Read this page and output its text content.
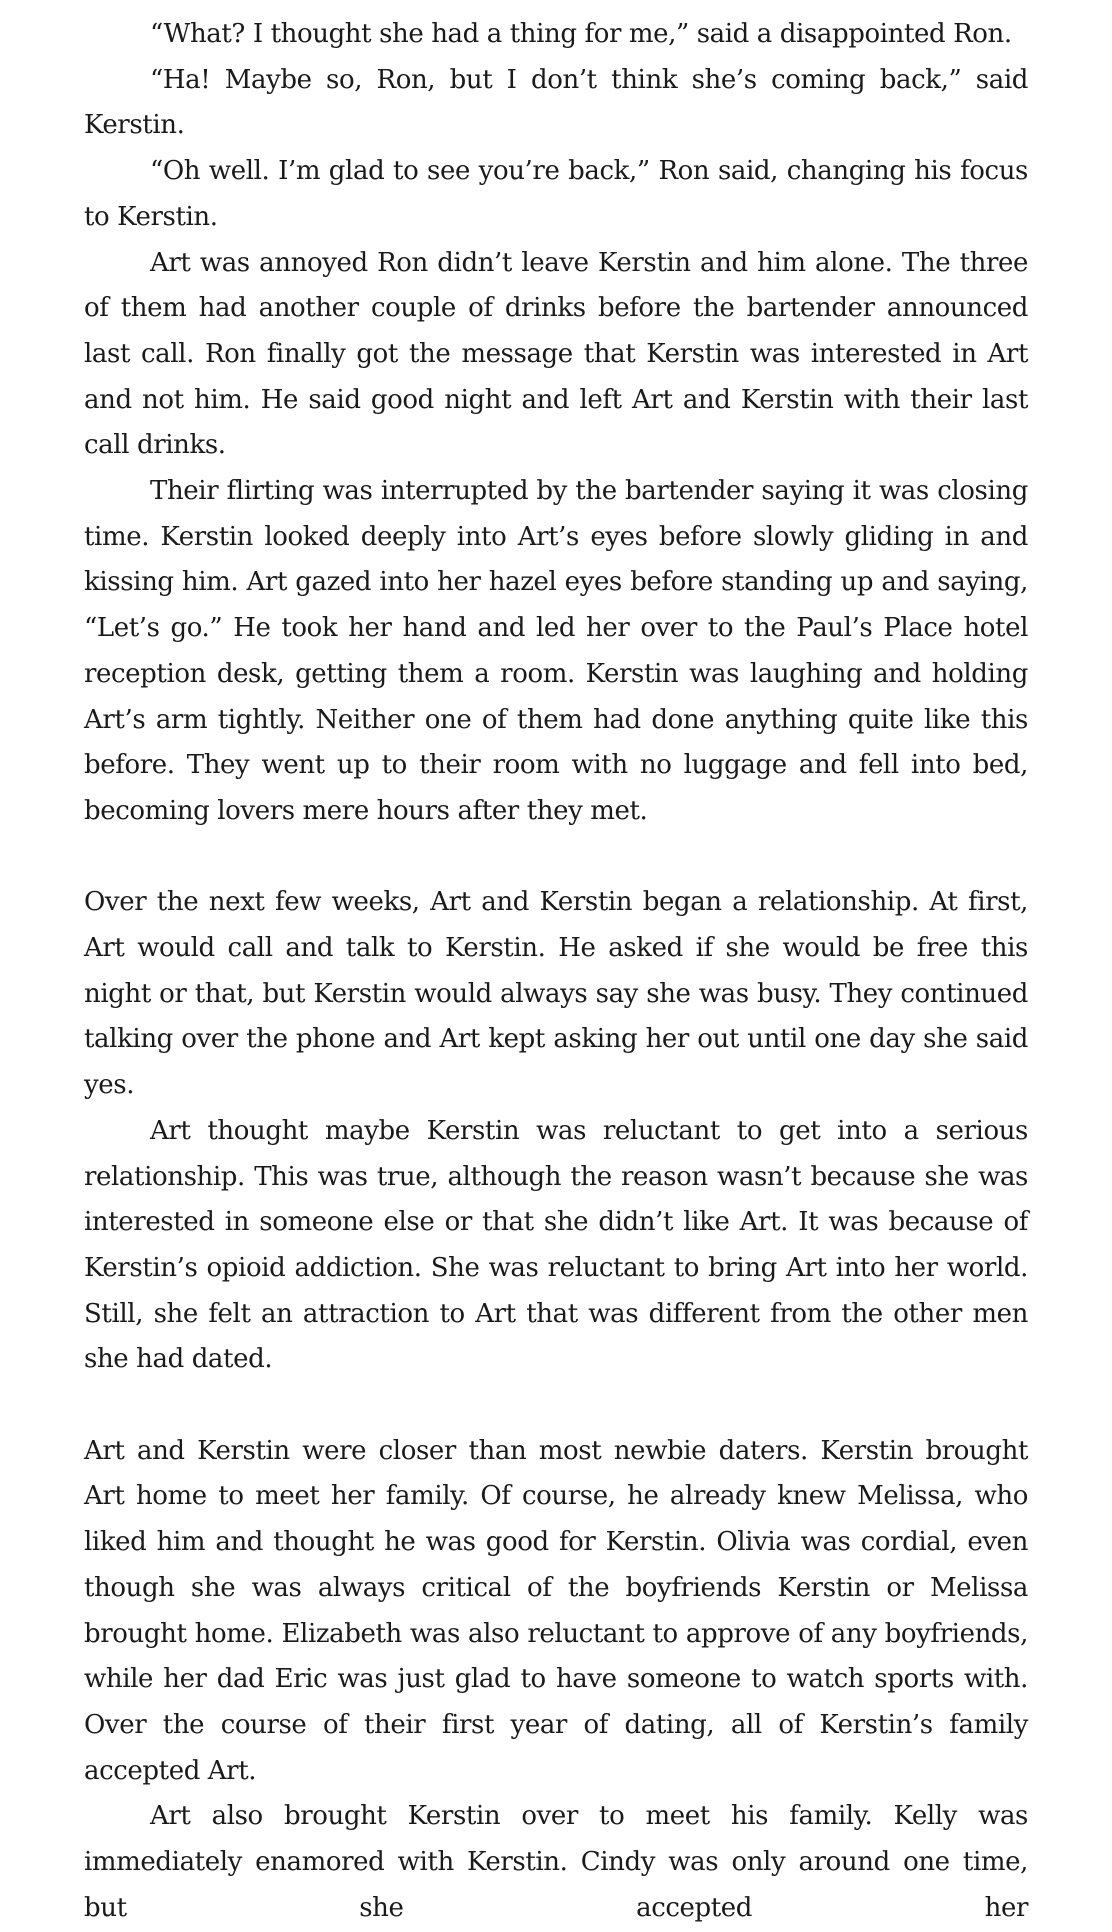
“What? I thought she had a thing for me,” said a disappointed Ron.

“Ha! Maybe so, Ron, but I don’t think she’s coming back,” said Kerstin.

“Oh well. I’m glad to see you’re back,” Ron said, changing his focus to Kerstin.

Art was annoyed Ron didn’t leave Kerstin and him alone. The three of them had another couple of drinks before the bartender announced last call. Ron finally got the message that Kerstin was interested in Art and not him. He said good night and left Art and Kerstin with their last call drinks.

Their flirting was interrupted by the bartender saying it was closing time. Kerstin looked deeply into Art’s eyes before slowly gliding in and kissing him. Art gazed into her hazel eyes before standing up and saying, “Let’s go.” He took her hand and led her over to the Paul’s Place hotel reception desk, getting them a room. Kerstin was laughing and holding Art’s arm tightly. Neither one of them had done anything quite like this before. They went up to their room with no luggage and fell into bed, becoming lovers mere hours after they met.

Over the next few weeks, Art and Kerstin began a relationship. At first, Art would call and talk to Kerstin. He asked if she would be free this night or that, but Kerstin would always say she was busy. They continued talking over the phone and Art kept asking her out until one day she said yes.

Art thought maybe Kerstin was reluctant to get into a serious relationship. This was true, although the reason wasn’t because she was interested in someone else or that she didn’t like Art. It was because of Kerstin’s opioid addiction. She was reluctant to bring Art into her world. Still, she felt an attraction to Art that was different from the other men she had dated.

Art and Kerstin were closer than most newbie daters. Kerstin brought Art home to meet her family. Of course, he already knew Melissa, who liked him and thought he was good for Kerstin. Olivia was cordial, even though she was always critical of the boyfriends Kerstin or Melissa brought home. Elizabeth was also reluctant to approve of any boyfriends, while her dad Eric was just glad to have someone to watch sports with. Over the course of their first year of dating, all of Kerstin’s family accepted Art.

Art also brought Kerstin over to meet his family. Kelly was immediately enamored with Kerstin. Cindy was only around one time, but she accepted her
